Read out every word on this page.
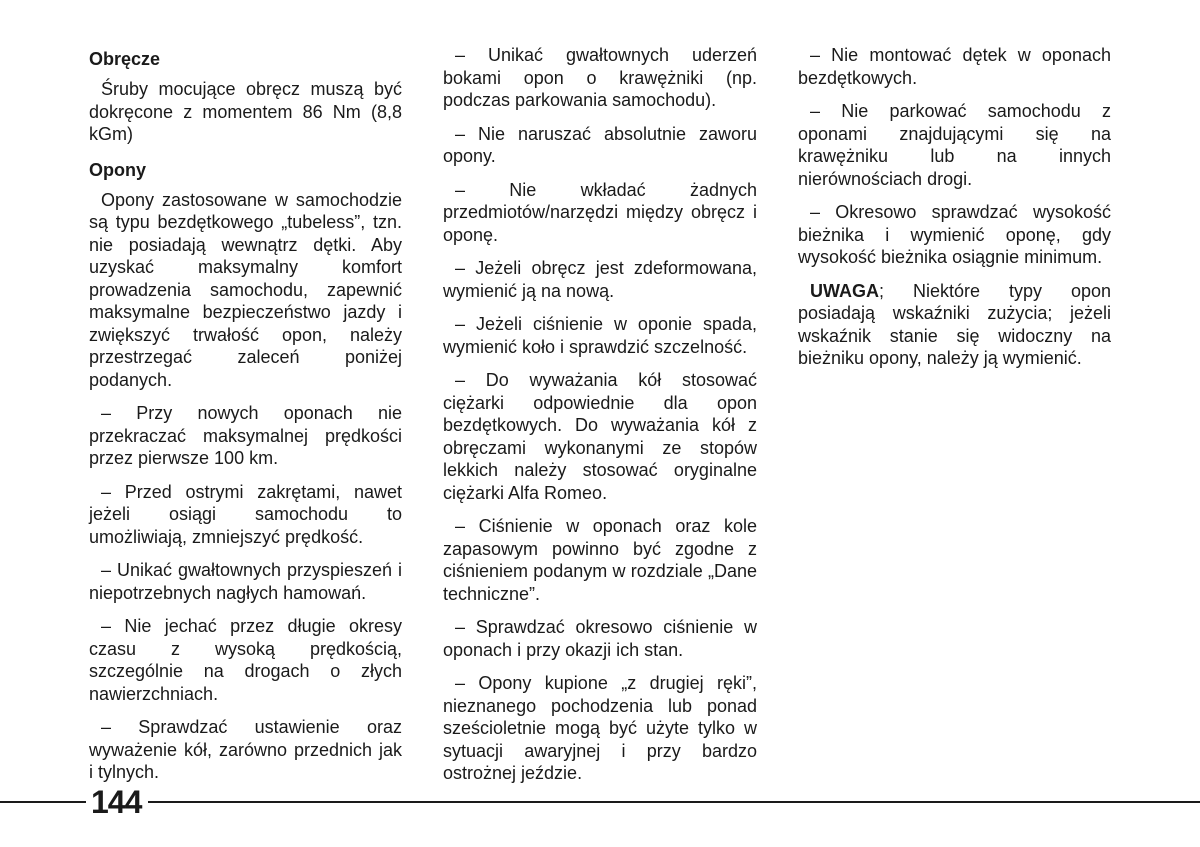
Obręcze

Śruby mocujące obręcz muszą być dokręcone z momentem 86 Nm (8,8 kGm)

Opony

Opony zastosowane w samochodzie są typu bezdętkowego „tubeless”, tzn. nie posiadają wewnątrz dętki. Aby uzyskać maksymalny komfort prowadzenia samochodu, zapewnić maksymalne bezpieczeństwo jazdy i zwiększyć trwałość opon, należy przestrzegać zaleceń poniżej podanych.

– Przy nowych oponach nie przekraczać maksymalnej prędkości przez pierwsze 100 km.

– Przed ostrymi zakrętami, nawet jeżeli osiągi samochodu to umożliwiają, zmniejszyć prędkość.

– Unikać gwałtownych przyspieszeń i niepotrzebnych nagłych hamowań.

– Nie jechać przez długie okresy czasu z wysoką prędkością, szczególnie na drogach o złych nawierzchniach.

– Sprawdzać ustawienie oraz wyważenie kół, zarówno przednich jak i tylnych.

– Unikać gwałtownych uderzeń bokami opon o krawężniki (np. podczas parkowania samochodu).

– Nie naruszać absolutnie zaworu opony.

– Nie wkładać żadnych przedmiotów/narzędzi między obręcz i oponę.

– Jeżeli obręcz jest zdeformowana, wymienić ją na nową.

– Jeżeli ciśnienie w oponie spada, wymienić koło i sprawdzić szczelność.

– Do wyważania kół stosować ciężarki odpowiednie dla opon bezdętkowych. Do wyważania kół z obręczami wykonanymi ze stopów lekkich należy stosować oryginalne ciężarki Alfa Romeo.

– Ciśnienie w oponach oraz kole zapasowym powinno być zgodne z ciśnieniem podanym w rozdziale „Dane techniczne”.

– Sprawdzać okresowo ciśnienie w oponach i przy okazji ich stan.

– Opony kupione „z drugiej ręki”, nieznanego pochodzenia lub ponad sześcioletnie mogą być użyte tylko w sytuacji awaryjnej i przy bardzo ostrożnej jeździe.

– Nie montować dętek w oponach bezdętkowych.

– Nie parkować samochodu z oponami znajdującymi się na krawężniku lub na innych nierównościach drogi.

– Okresowo sprawdzać wysokość bieżnika i wymienić oponę, gdy wysokość bieżnika osiągnie minimum.

UWAGA; Niektóre typy opon posiadają wskaźniki zużycia; jeżeli wskaźnik stanie się widoczny na bieżniku opony, należy ją wymienić.

144
